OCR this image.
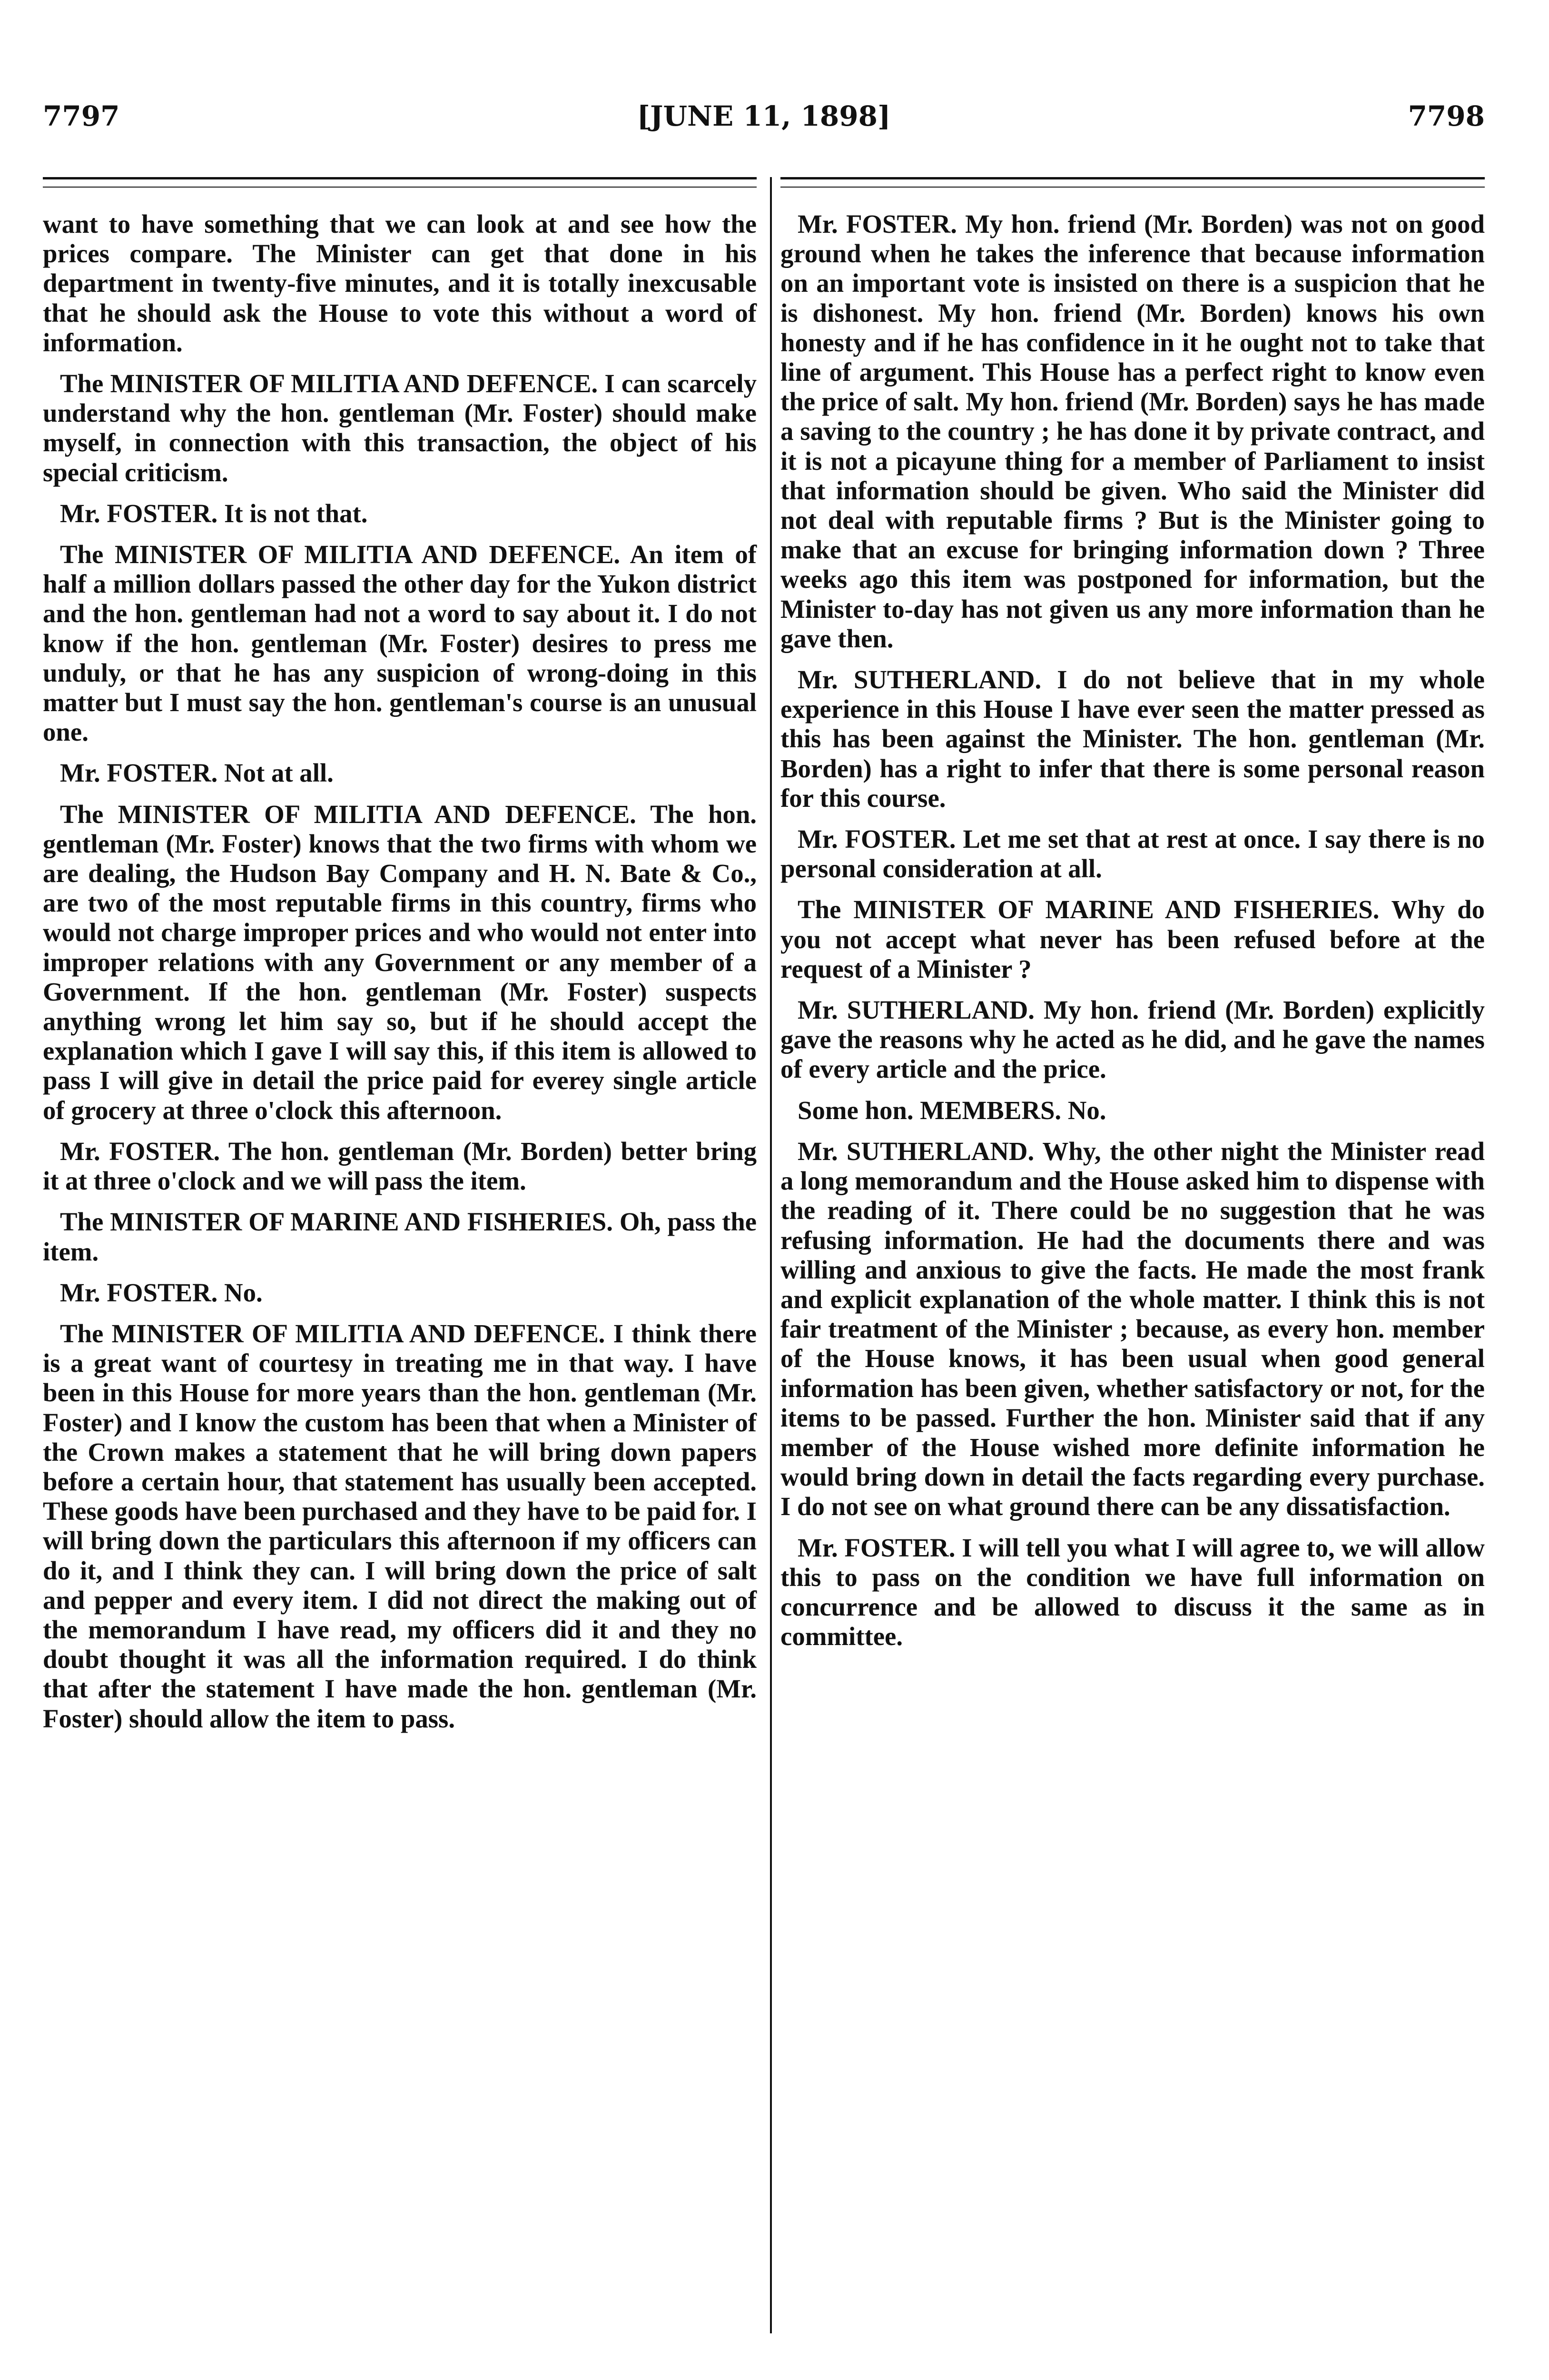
7797	[JUNE 11, 1898]	7798

want to have something that we can look at and see how the prices compare. The Minister can get that done in his department in twenty-five minutes, and it is totally inexcusable that he should ask the House to vote this without a word of information.

The MINISTER OF MILITIA AND DEFENCE. I can scarcely understand why the hon. gentleman (Mr. Foster) should make myself, in connection with this transaction, the object of his special criticism.

Mr. FOSTER. It is not that.

The MINISTER OF MILITIA AND DEFENCE. An item of half a million dollars passed the other day for the Yukon district and the hon. gentleman had not a word to say about it. I do not know if the hon. gentleman (Mr. Foster) desires to press me unduly, or that he has any suspicion of wrong-doing in this matter but I must say the hon. gentleman's course is an unusual one.

Mr. FOSTER. Not at all.

The MINISTER OF MILITIA AND DEFENCE. The hon. gentleman (Mr. Foster) knows that the two firms with whom we are dealing, the Hudson Bay Company and H. N. Bate & Co., are two of the most reputable firms in this country, firms who would not charge improper prices and who would not enter into improper relations with any Government or any member of a Government. If the hon. gentleman (Mr. Foster) suspects anything wrong let him say so, but if he should accept the explanation which I gave I will say this, if this item is allowed to pass I will give in detail the price paid for everey single article of grocery at three o'clock this afternoon.

Mr. FOSTER. The hon. gentleman (Mr. Borden) better bring it at three o'clock and we will pass the item.

The MINISTER OF MARINE AND FISHERIES. Oh, pass the item.

Mr. FOSTER. No.

The MINISTER OF MILITIA AND DEFENCE. I think there is a great want of courtesy in treating me in that way. I have been in this House for more years than the hon. gentleman (Mr. Foster) and I know the custom has been that when a Minister of the Crown makes a statement that he will bring down papers before a certain hour, that statement has usually been accepted. These goods have been purchased and they have to be paid for. I will bring down the particulars this afternoon if my officers can do it, and I think they can. I will bring down the price of salt and pepper and every item. I did not direct the making out of the memorandum I have read, my officers did it and they no doubt thought it was all the information required. I do think that after the statement I have made the hon. gentleman (Mr. Foster) should allow the item to pass.

Mr. FOSTER. My hon. friend (Mr. Borden) was not on good ground when he takes the inference that because information on an important vote is insisted on there is a suspicion that he is dishonest. My hon. friend (Mr. Borden) knows his own honesty and if he has confidence in it he ought not to take that line of argument. This House has a perfect right to know even the price of salt. My hon. friend (Mr. Borden) says he has made a saving to the country ; he has done it by private contract, and it is not a picayune thing for a member of Parliament to insist that information should be given. Who said the Minister did not deal with reputable firms ? But is the Minister going to make that an excuse for bringing information down ? Three weeks ago this item was postponed for information, but the Minister to-day has not given us any more information than he gave then.

Mr. SUTHERLAND. I do not believe that in my whole experience in this House I have ever seen the matter pressed as this has been against the Minister. The hon. gentleman (Mr. Borden) has a right to infer that there is some personal reason for this course.

Mr. FOSTER. Let me set that at rest at once. I say there is no personal consideration at all.

The MINISTER OF MARINE AND FISHERIES. Why do you not accept what never has been refused before at the request of a Minister ?

Mr. SUTHERLAND. My hon. friend (Mr. Borden) explicitly gave the reasons why he acted as he did, and he gave the names of every article and the price.

Some hon. MEMBERS. No.

Mr. SUTHERLAND. Why, the other night the Minister read a long memorandum and the House asked him to dispense with the reading of it. There could be no suggestion that he was refusing information. He had the documents there and was willing and anxious to give the facts. He made the most frank and explicit explanation of the whole matter. I think this is not fair treatment of the Minister ; because, as every hon. member of the House knows, it has been usual when good general information has been given, whether satisfactory or not, for the items to be passed. Further the hon. Minister said that if any member of the House wished more definite information he would bring down in detail the facts regarding every purchase. I do not see on what ground there can be any dissatisfaction.

Mr. FOSTER. I will tell you what I will agree to, we will allow this to pass on the condition we have full information on concurrence and be allowed to discuss it the same as in committee.
